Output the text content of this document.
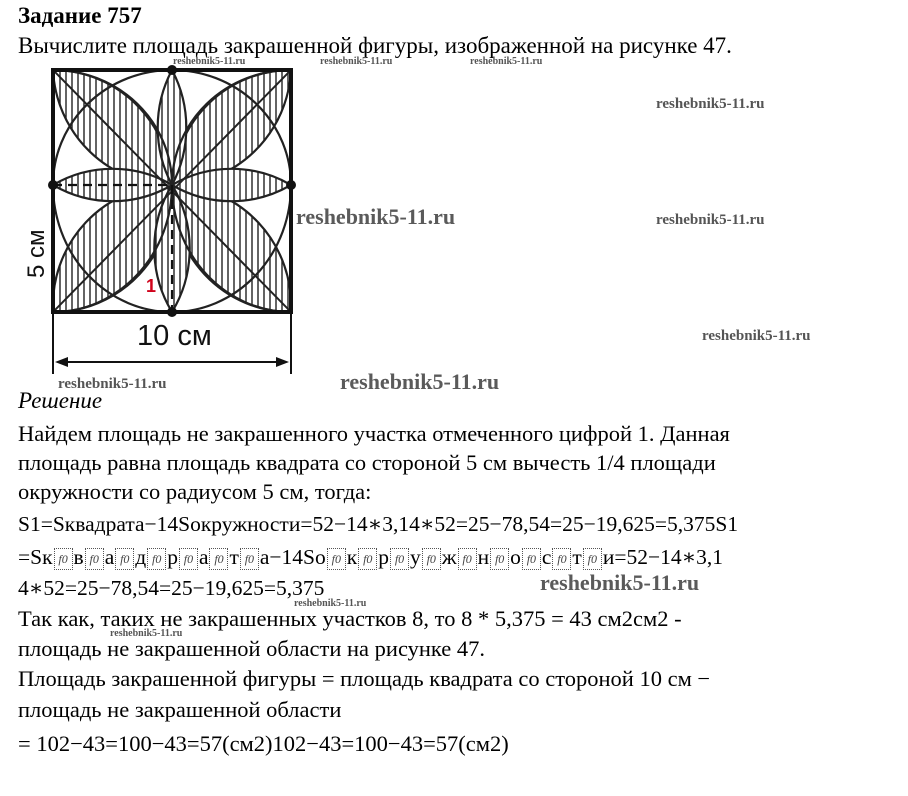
Задание 757
Вычислите площадь закрашенной фигуры, изображенной на рисунке 47.
10 см
5 см
1
Решение
Найдем площадь не закрашенного участка отмеченного цифрой 1. Данная
площадь равна площадь квадрата со стороной 5 см вычесть 1/4 площади
окружности со радиусом 5 см, тогда:
S1=Sквадрата−14Sокружности=52−14∗3,14∗52=25−78,54=25−19,625=5,375S1
=Sк f0 в f0 а f0 д f0 р f0 а f0 т f0 а−14So f0 к f0 р f0 у f0 ж f0 н f0 о f0 с f0 т f0 и=52−14∗3,1
4∗52=25−78,54=25−19,625=5,375
Так как, таких не закрашенных участков 8, то 8 * 5,375 = 43 см2см2 -
площадь не закрашенной области на рисунке 47.
Площадь закрашенной фигуры = площадь квадрата со стороной 10 см −
площадь не закрашенной области
= 102−43=100−43=57(см2)102−43=100−43=57(см2)
reshebnik5-11.ru	reshebnik5-11.ru	reshebnik5-11.ru
reshebnik5-11.ru
reshebnik5-11.ru
reshebnik5-11.ru
reshebnik5-11.ru
reshebnik5-11.ru
reshebnik5-11.ru
reshebnik5-11.ru
reshebnik5-11.ru
reshebnik5-11.ru
